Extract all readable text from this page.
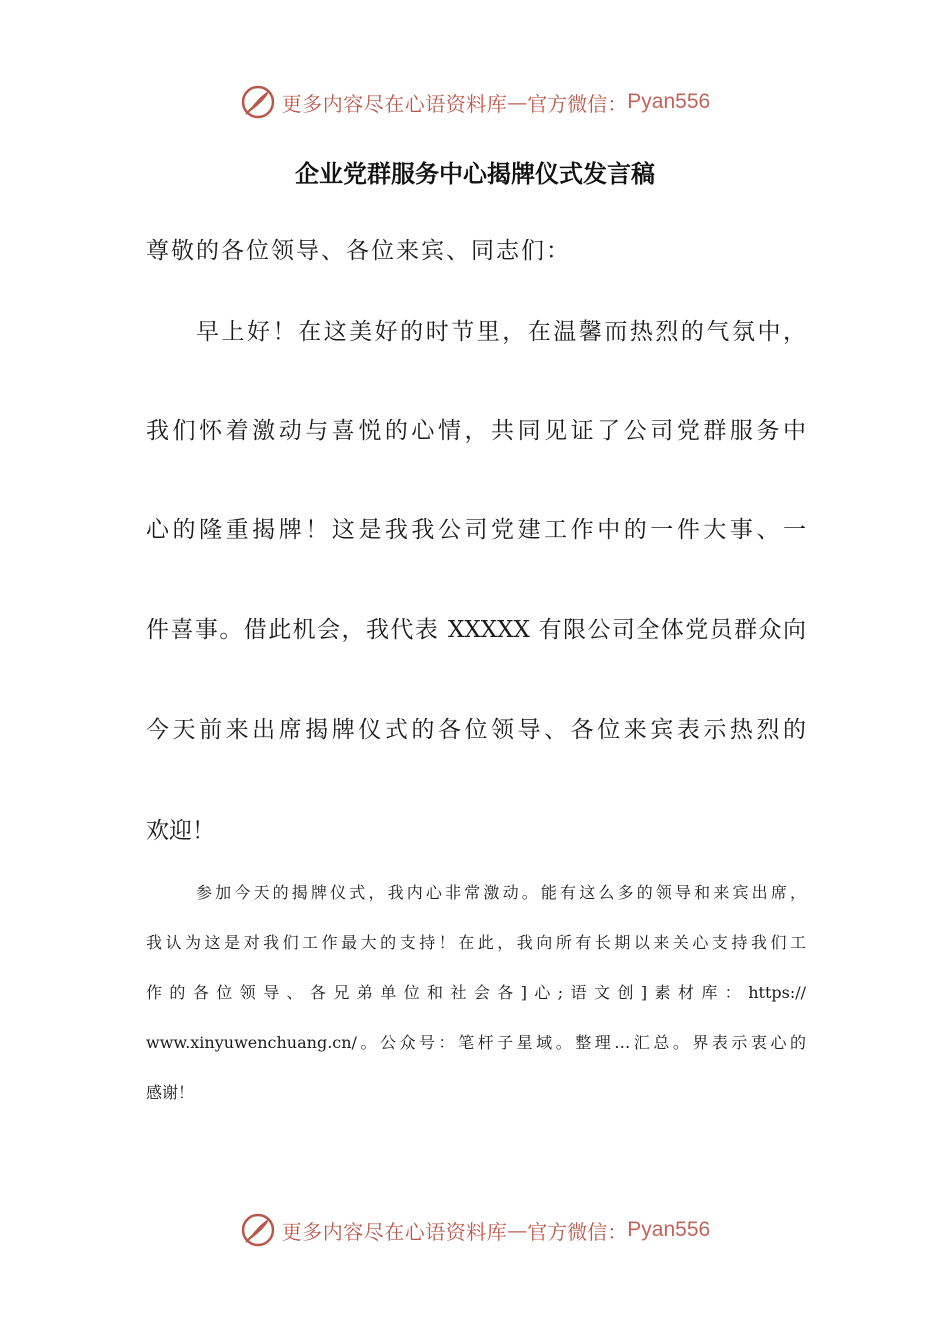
更多内容尽在心语资料库 — 官方微信： Pyan556
企业党群服务中心揭牌仪式发言稿
尊敬的各位领导、各位来宾、同志们：
早上好！在这美好的时节里，在温馨而热烈的气氛中，
我们怀着激动与喜悦的心情，共同见证了公司党群服务中
心的隆重揭牌！这是我我公司党建工作中的一件大事、一
件喜事。借此机会，我代表 XXXXX 有限公司全体党员群众向
今天前来出席揭牌仪式的各位领导、各位来宾表示热烈的
欢迎！
参加今天的揭牌仪式，我内心非常激动。能有这么多的领导和来宾出席，
我认为这是对我们工作最大的支持！在此，我向所有长期以来关心支持我们工
作的各位领导、各兄弟单位和社会各]心;语文创]素材库：https://
www.xinyuwenchuang.cn/。公众号：笔杆子星域。整理…汇总。界表示衷心的
感谢！
更多内容尽在心语资料库 — 官方微信： Pyan556
